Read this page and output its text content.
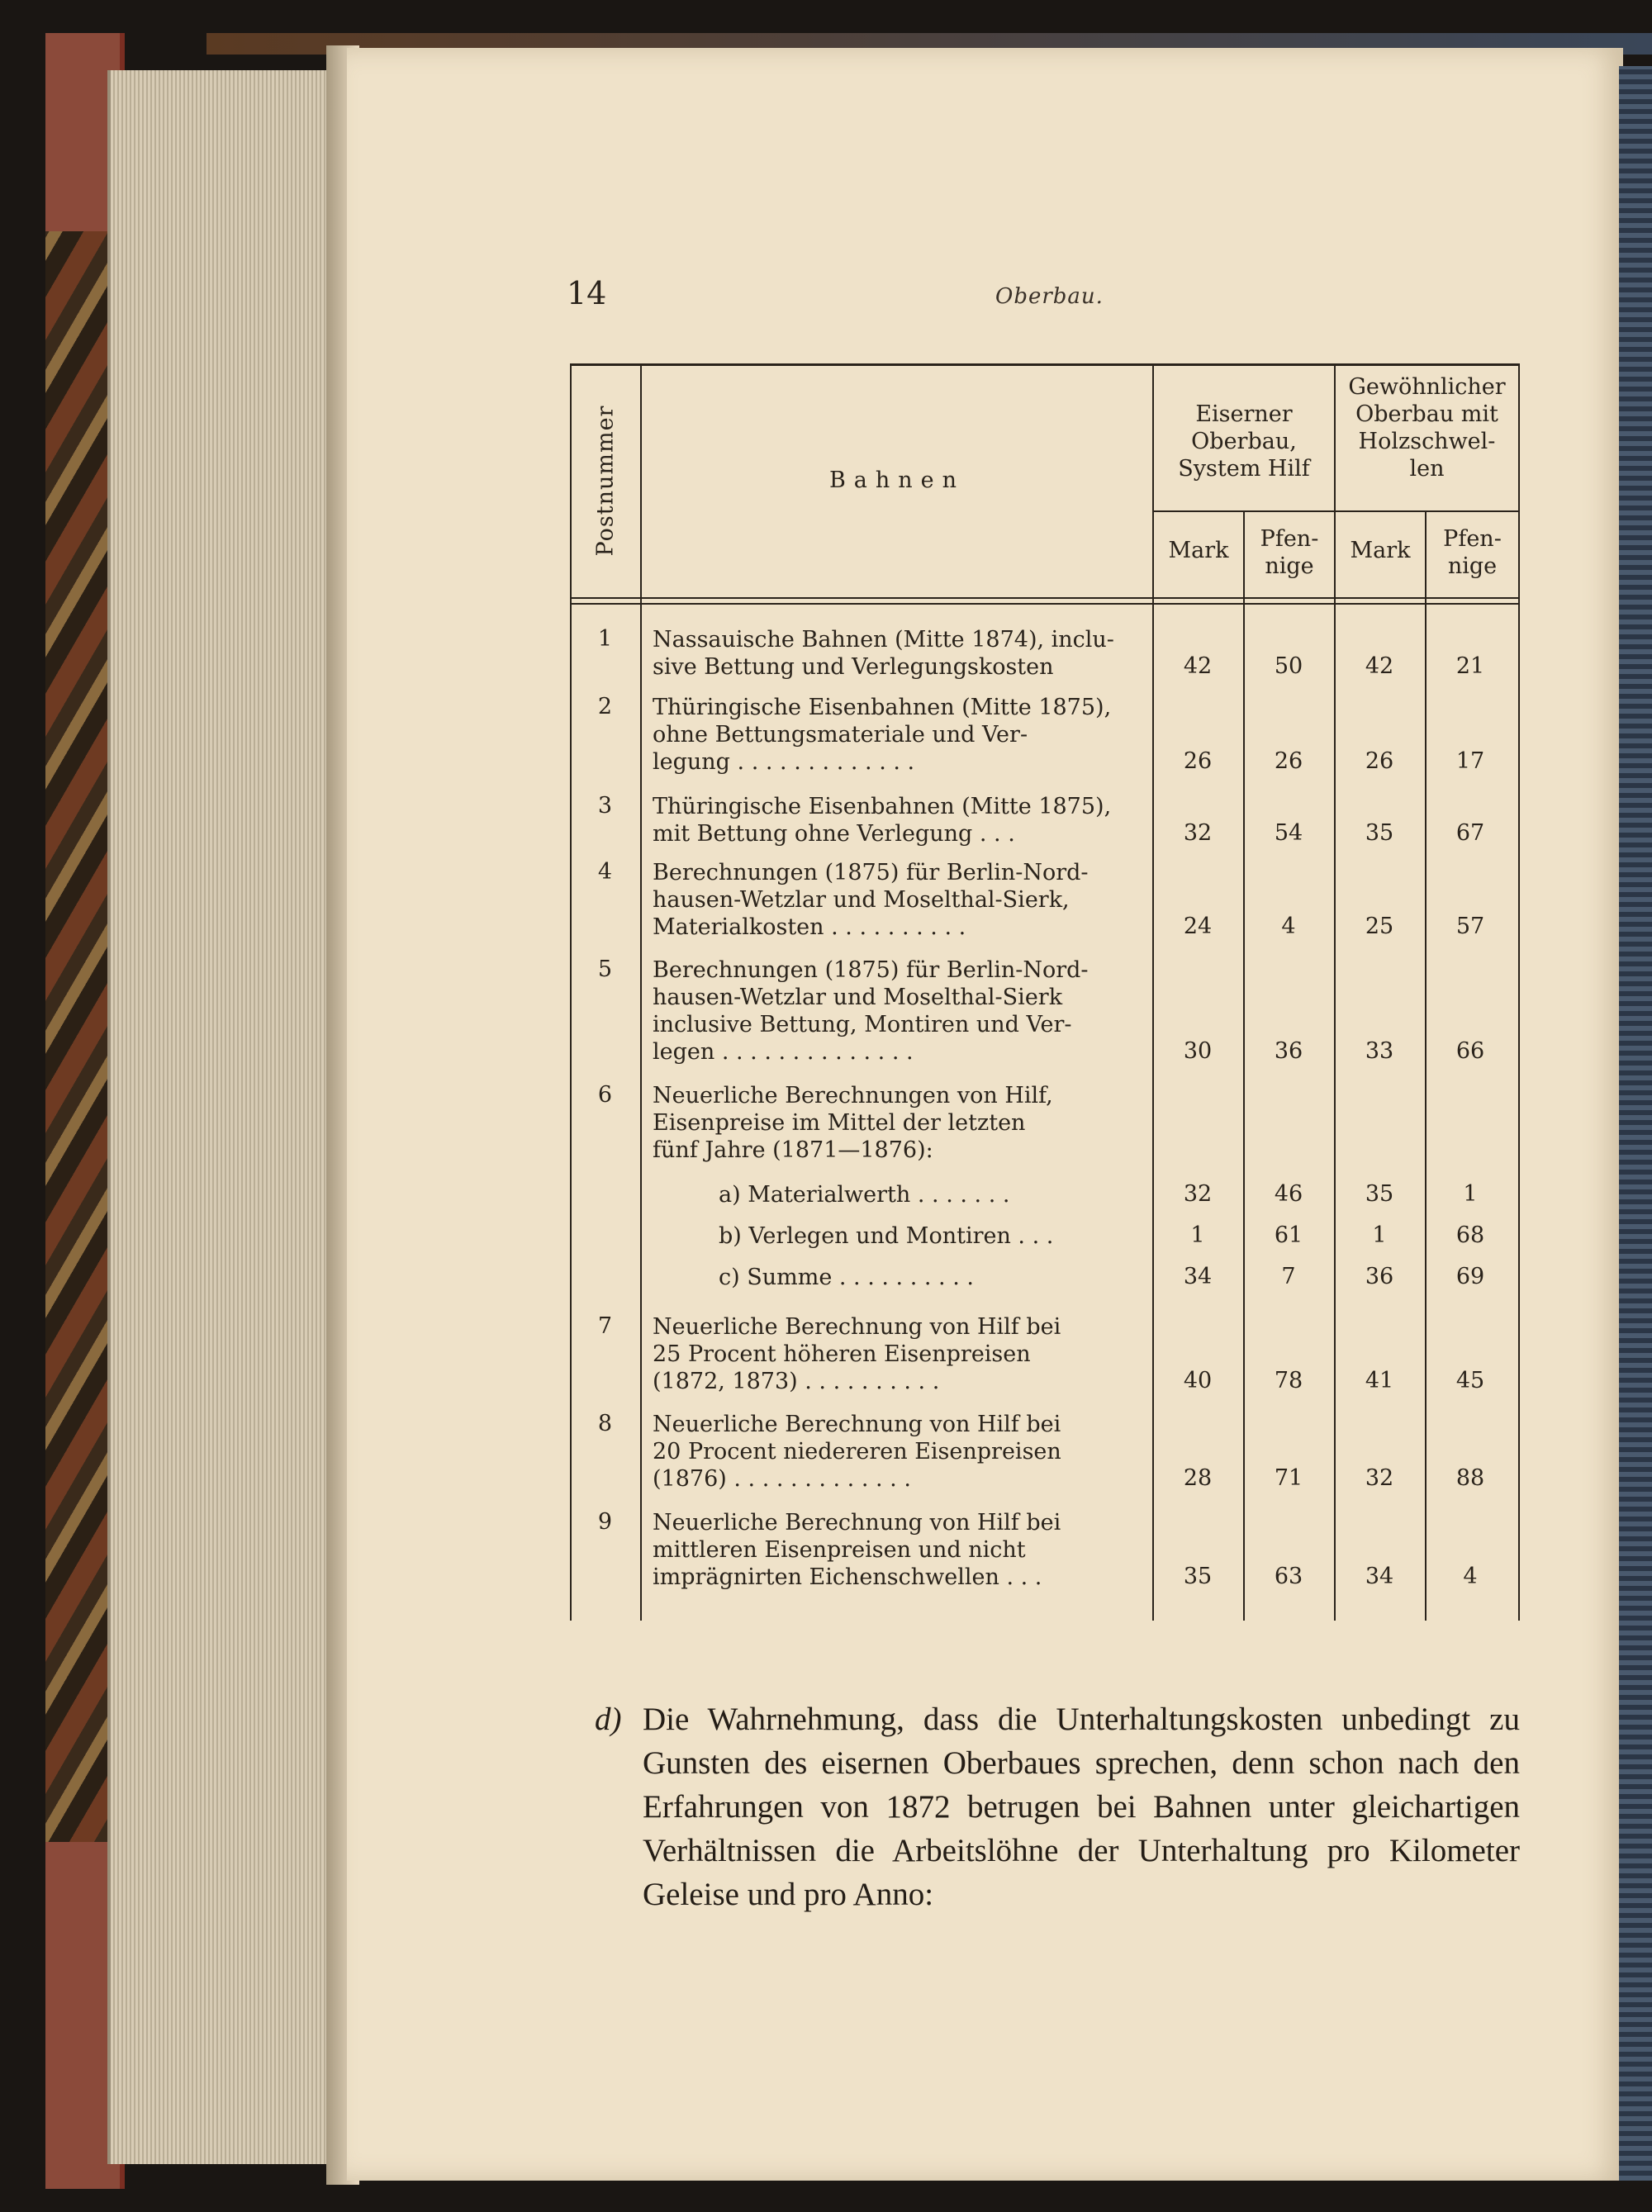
14	Oberbau.
Postnummer	Bahnen
Eiserner
Oberbau,
System Hilf
Gewöhnlicher
Oberbau mit
Holzschwel-
len
Mark	Pfen-
nige
Mark	Pfen-
nige
1	Nassauische Bahnen (Mitte 1874), inclu-
sive Bettung und Verlegungskosten	42	50	42	21
2	Thüringische Eisenbahnen (Mitte 1875),
ohne Bettungsmateriale und Ver-
legung . . . . . . . . . . . . .	26	26	26	17
3	Thüringische Eisenbahnen (Mitte 1875),
mit Bettung ohne Verlegung . . .	32	54	35	67
4	Berechnungen (1875) für Berlin-Nord-
hausen-Wetzlar und Moselthal-Sierk,
Materialkosten . . . . . . . . . .	24	4	25	57
5	Berechnungen (1875) für Berlin-Nord-
hausen-Wetzlar und Moselthal-Sierk
inclusive Bettung, Montiren und Ver-
legen . . . . . . . . . . . . . .	30	36	33	66
6	Neuerliche Berechnungen von Hilf,
Eisenpreise im Mittel der letzten
fünf Jahre (1871—1876):
a) Materialwerth . . . . . . .	32	46	35	1
b) Verlegen und Montiren . . .	1	61	1	68
c) Summe . . . . . . . . . .	34	7	36	69
7	Neuerliche Berechnung von Hilf bei
25 Procent höheren Eisenpreisen
(1872, 1873) . . . . . . . . . .	40	78	41	45
8	Neuerliche Berechnung von Hilf bei
20 Procent niedereren Eisenpreisen
(1876) . . . . . . . . . . . . .	28	71	32	88
9	Neuerliche Berechnung von Hilf bei
mittleren Eisenpreisen und nicht
imprägnirten Eichenschwellen . . .	35	63	34	4
d) Die Wahrnehmung, dass die Unterhaltungskosten unbedingt zu Gunsten des eisernen Oberbaues sprechen, denn schon nach den Erfahrungen von 1872 betrugen bei Bahnen unter gleichartigen Verhältnissen die Arbeitslöhne der Unterhaltung pro Kilometer Geleise und pro Anno:
